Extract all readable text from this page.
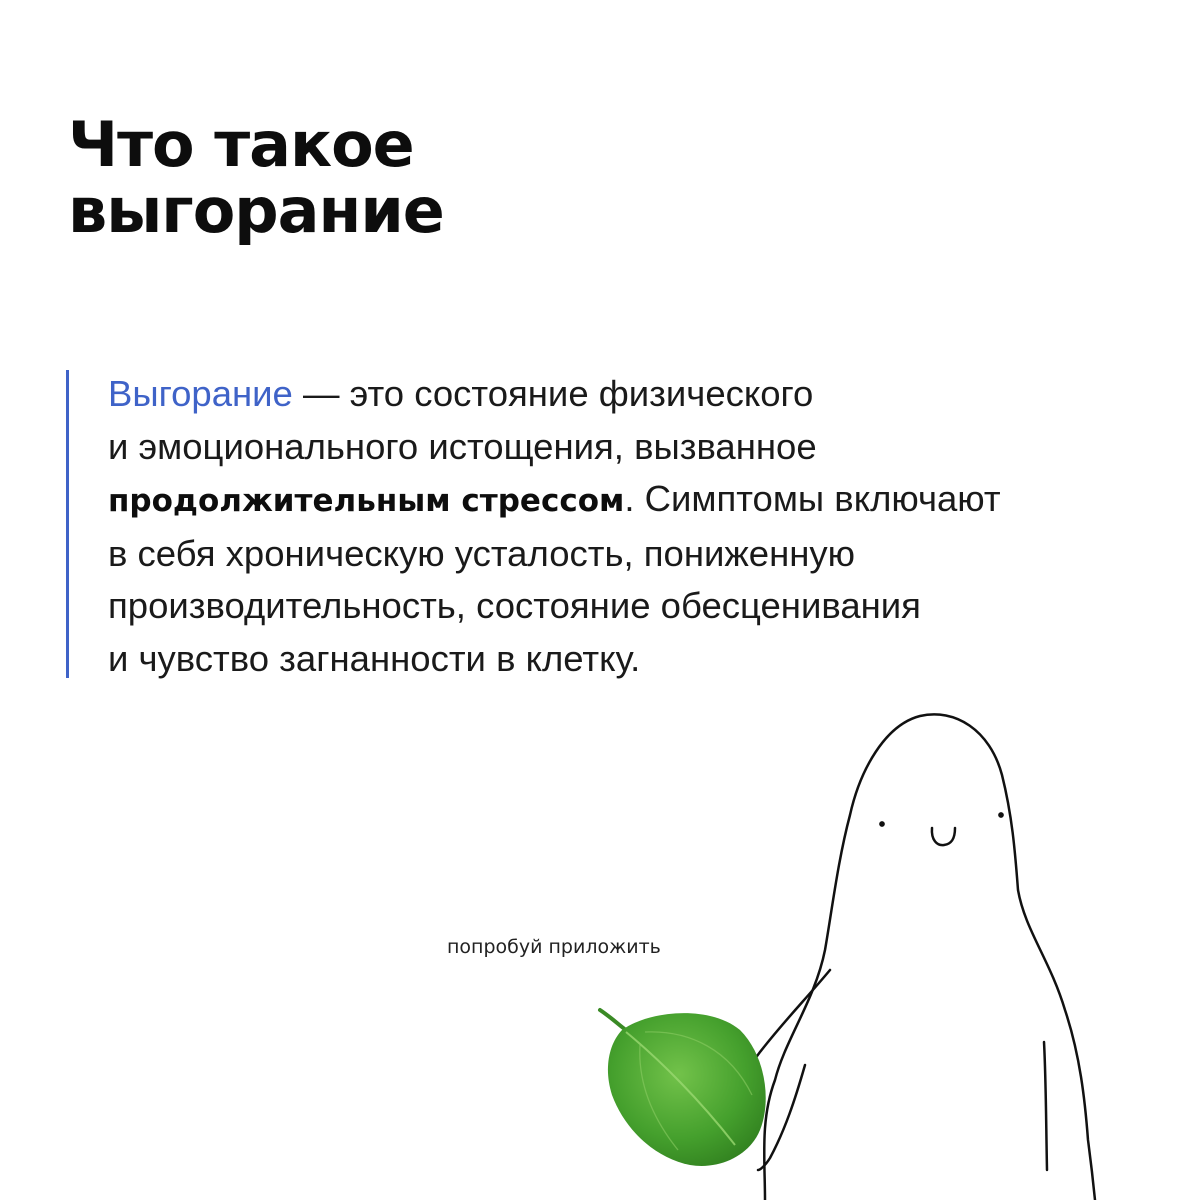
Что такое
выгорание

Выгорание — это состояние физического
и эмоционального истощения, вызванное
продолжительным стрессом. Симптомы включают
в себя хроническую усталость, пониженную
производительность, состояние обесценивания
и чувство загнанности в клетку.

попробуй приложить
